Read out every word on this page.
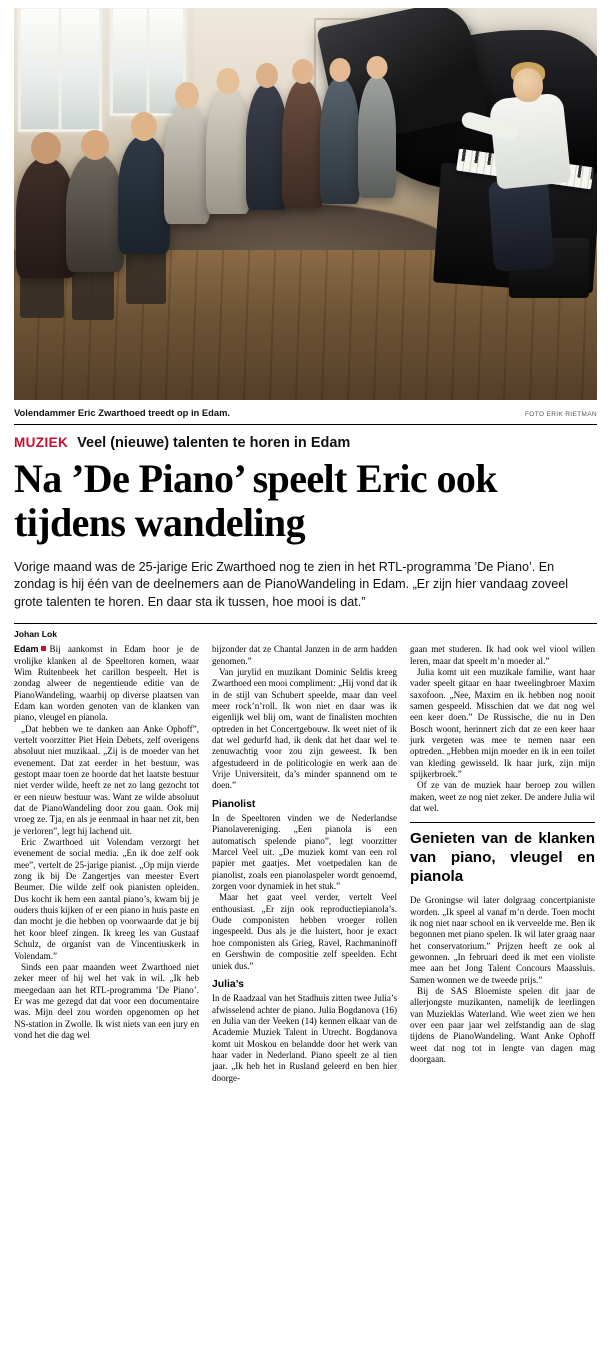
Volendammer Eric Zwarthoed treedt op in Edam.	FOTO ERIK RIETMAN
MUZIEK Veel (nieuwe) talenten te horen in Edam
Na ’De Piano’ speelt Eric ook tijdens wandeling
Vorige maand was de 25-jarige Eric Zwarthoed nog te zien in het RTL-programma ’De Piano’. En zondag is hij één van de deelnemers aan de PianoWandeling in Edam. „Er zijn hier vandaag zoveel grote talenten te horen. En daar sta ik tussen, hoe mooi is dat.”
Johan Lok

Edam Bij aankomst in Edam hoor je de vrolijke klanken al de Speeltoren komen, waar Wim Ruitenbeek het carillon bespeelt. Het is zondag alweer de negentiende editie van de PianoWandeling, waarbij op diverse plaatsen van Edam kan worden genoten van de klanken van piano, vleugel en pianola.

„Dat hebben we te danken aan Anke Ophoff”, vertelt voorzitter Piet Hein Debets, zelf overigens absoluut niet muzikaal. „Zij is de moeder van het evenement. Dat zat eerder in het bestuur, was gestopt maar toen ze hoorde dat het laatste bestuur niet verder wilde, heeft ze net zo lang gezocht tot er een nieuw bestuur was. Want ze wilde absoluut dat de PianoWandeling door zou gaan. Ook mij vroeg ze. Tja, en als je eenmaal in haar net zit, ben je verloren”, legt hij lachend uit.

Eric Zwarthoed uit Volendam verzorgt het evenement de social media. „En ik doe zelf ook mee”, vertelt de 25-jarige pianist. „Op mijn vierde zong ik bij De Zangertjes van meester Evert Beumer. Die wilde zelf ook pianisten opleiden. Dus kocht ik hem een aantal piano’s, kwam bij je ouders thuis kijken of er een piano in huis paste en dan mocht je die hebben op voorwaarde dat je bij het koor bleef zingen. Ik kreeg les van Gustaaf Schulz, de organist van de Vincentiuskerk in Volendam.”

Sinds een paar maanden weet Zwarthoed niet zeker meer of hij wel het vak in wil. „Ik heb meegedaan aan het RTL-programma ’De Piano’. Er was me gezegd dat dat voor een documentaire was. Mijn deel zou worden opgenomen op het NS-station in Zwolle. Ik wist niets van een jury en vond het die dag wel

bijzonder dat ze Chantal Janzen in de arm hadden genomen.”

Van jurylid en muzikant Dominic Seldis kreeg Zwarthoed een mooi compliment: „Hij vond dat ik in de stijl van Schubert speelde, maar dan veel meer rock’n’roll. Ik won niet en daar was ik eigenlijk wel blij om, want de finalisten mochten optreden in het Concertgebouw. Ik weet niet of ik dat wel gedurfd had, ik denk dat het daar wel te zenuwachtig voor zou zijn geweest. Ik ben afgestudeerd in de politicologie en werk aan de Vrije Universiteit, da’s minder spannend om te doen.”

Pianolist

In de Speeltoren vinden we de Nederlandse Pianolavereniging. „Een pianola is een automatisch spelende piano”, legt voorzitter Marcel Veel uit. „De muziek komt van een rol papier met gaatjes. Met voetpedalen kan de pianolist, zoals een pianolaspeler wordt genoemd, zorgen voor dynamiek in het stuk.”

Maar het gaat veel verder, vertelt Veel enthousiast. „Er zijn ook reproductiepianola’s. Oude componisten hebben vroeger rollen ingespeeld. Dus als je die luistert, hoor je exact hoe componisten als Grieg, Ravel, Rachmaninoff en Gershwin de compositie zelf speelden. Echt uniek dus.”

Julia’s

In de Raadzaal van het Stadhuis zitten twee Julia’s afwisselend achter de piano. Julia Bogdanova (16) en Julia van der Veeken (14) kennen elkaar van de Academie Muziek Talent in Utrecht. Bogdanova komt uit Moskou en belandde door het werk van haar vader in Nederland. Piano speelt ze al tien jaar. „Ik heb het in Rusland geleerd en ben hier doorge-

gaan met studeren. Ik had ook wel viool willen leren, maar dat speelt m’n moeder al.”

Julia komt uit een muzikale familie, want haar vader speelt gitaar en haar tweelingbroer Maxim saxofoon. „Nee, Maxim en ik hebben nog nooit samen gespeeld. Misschien dat we dat nog wel een keer doen.” De Russische, die nu in Den Bosch woont, herinnert zich dat ze een keer haar jurk vergeten was mee te nemen naar een optreden. „Hebben mijn moeder en ik in een toilet van kleding gewisseld. Ik haar jurk, zijn mijn spijkerbroek.”

Of ze van de muziek haar beroep zou willen maken, weet ze nog niet zeker. De andere Julia wil dat wel.

Genieten van de klanken van piano, vleugel en pianola

De Groningse wil later dolgraag concertpianiste worden. „Ik speel al vanaf m’n derde. Toen mocht ik nog niet naar school en ik verveelde me. Ben ik begonnen met piano spelen. Ik wil later graag naar het conservatorium.” Prijzen heeft ze ook al gewonnen. „In februari deed ik met een violiste mee aan het Jong Talent Concours Maassluis. Samen wonnen we de tweede prijs.”

Bij de SAS Bloemiste spelen dit jaar de allerjongste muzikanten, namelijk de leerlingen van Muzieklas Waterland. Wie weet zien we hen over een paar jaar wel zelfstandig aan de slag tijdens de PianoWandeling. Want Anke Ophoff weet dat nog tot in lengte van dagen mag doorgaan.
